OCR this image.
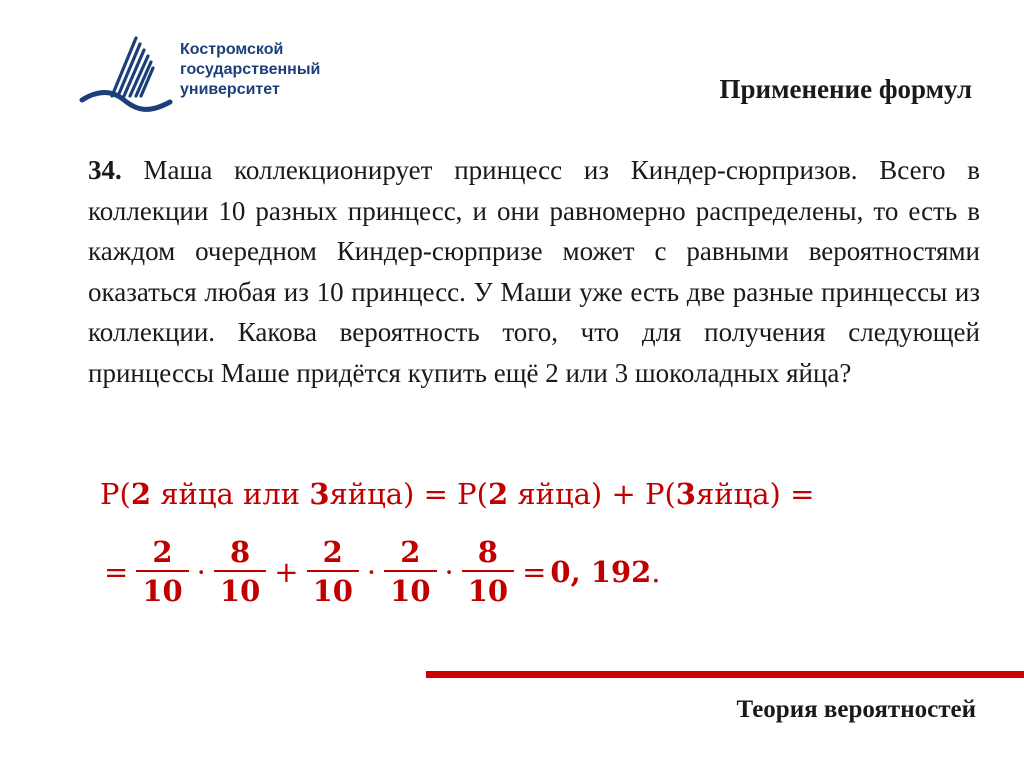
Костромской
государственный
университет	Применение формул
34. Маша коллекционирует принцесс из Киндер-сюрпризов. Всего в коллекции 10 разных принцесс, и они равномерно распределены, то есть в каждом очередном Киндер-сюрпризе может с равными вероятностями оказаться любая из 10 принцесс. У Маши уже есть две разные принцессы из коллекции. Какова вероятность того, что для получения следующей принцессы Маше придётся купить ещё 2 или 3 шоколадных яйца?
P(2 яйца или 3яйца) = P(2 яйца) + P(3яйца) =
= $\frac{2}{10} \cdot \frac{8}{10} + \frac{2}{10} \cdot \frac{2}{10} \cdot \frac{8}{10} = 0$, 192 .
Теория вероятностей
